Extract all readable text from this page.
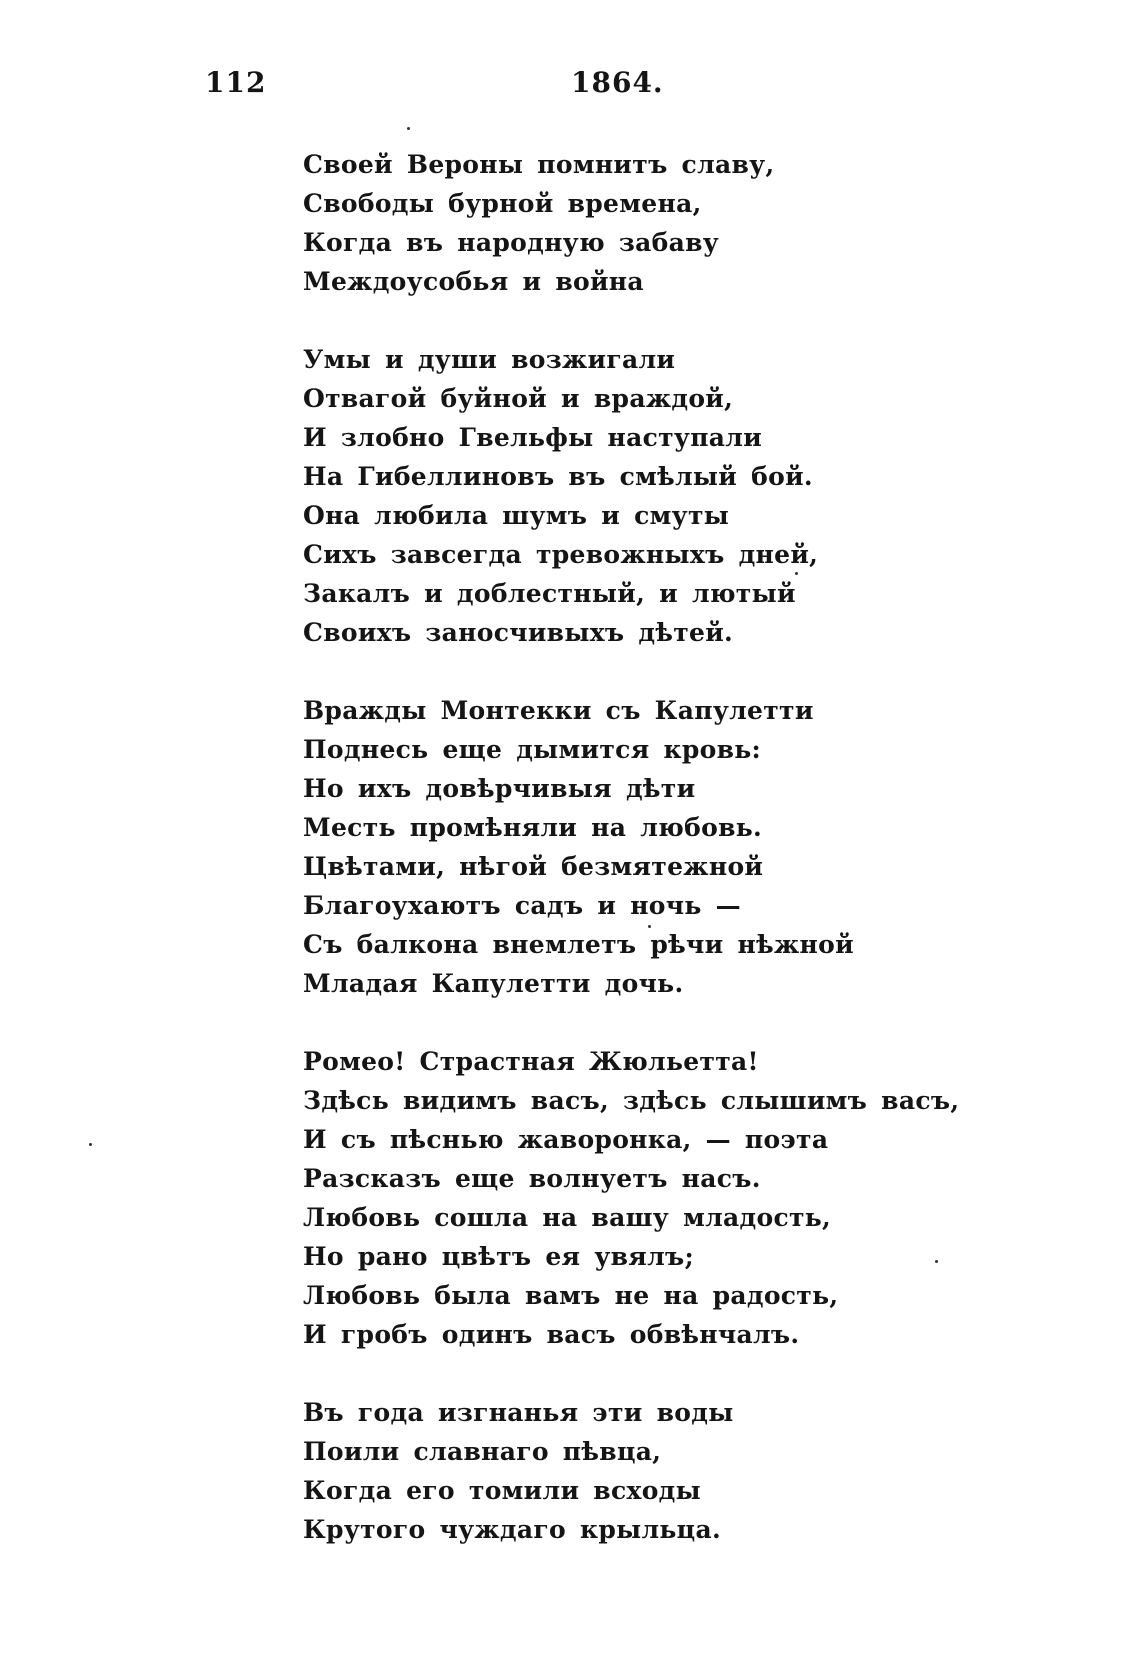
112	1864.
Своей Вероны помнитъ славу,
Свободы бурной времена,
Когда въ народную забаву
Междоусобья и война
Умы и души возжигали
Отвагой буйной и враждой,
И злобно Гвельфы наступали
На Гибеллиновъ въ смѣлый бой.
Она любила шумъ и смуты
Сихъ завсегда тревожныхъ дней,
Закалъ и доблестный, и лютый
Своихъ заносчивыхъ дѣтей.
Вражды Монтекки съ Капулетти
Поднесь еще дымится кровь:
Но ихъ довѣрчивыя дѣти
Месть промѣняли на любовь.
Цвѣтами, нѣгой безмятежной
Благоухаютъ садъ и ночь —
Съ балкона внемлетъ рѣчи нѣжной
Младая Капулетти дочь.
Ромео! Страстная Жюльетта!
Здѣсь видимъ васъ, здѣсь слышимъ васъ,
И съ пѣснью жаворонка, — поэта
Разсказъ еще волнуетъ насъ.
Любовь сошла на вашу младость,
Но рано цвѣтъ ея увялъ;
Любовь была вамъ не на радость,
И гробъ одинъ васъ обвѣнчалъ.
Въ года изгнанья эти воды
Поили славнаго пѣвца,
Когда его томили всходы
Крутого чуждаго крыльца.
